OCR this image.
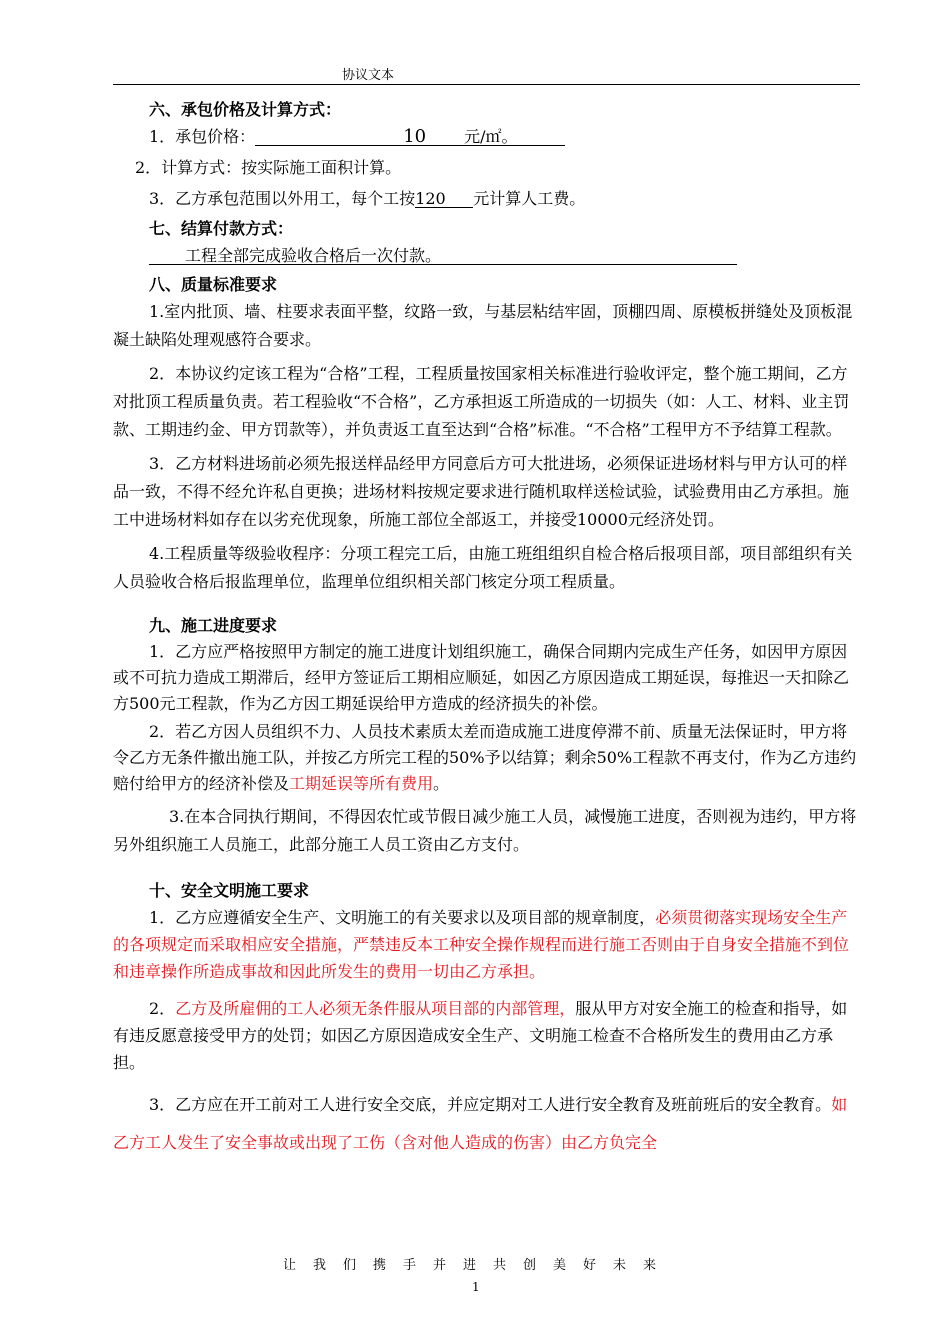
协议文本

六、承包价格及计算方式：

1．承包价格：	10 元/㎡。

2．计算方式：按实际施工面积计算。

3．乙方承包范围以外用工，每个工按120 元计算人工费。

七、结算付款方式：

工程全部完成验收合格后一次付款。

八、质量标准要求

1.室内批顶、墙、柱要求表面平整，纹路一致，与基层粘结牢固，顶棚四周、原模板拼缝处及顶板混凝土缺陷处理观感符合要求。

2．本协议约定该工程为“合格”工程，工程质量按国家相关标准进行验收评定，整个施工期间，乙方对批顶工程质量负责。若工程验收“不合格”，乙方承担返工所造成的一切损失（如：人工、材料、业主罚款、工期违约金、甲方罚款等），并负责返工直至达到“合格”标准。“不合格”工程甲方不予结算工程款。

3．乙方材料进场前必须先报送样品经甲方同意后方可大批进场，必须保证进场材料与甲方认可的样品一致，不得不经允许私自更换；进场材料按规定要求进行随机取样送检试验，试验费用由乙方承担。施工中进场材料如存在以劣充优现象，所施工部位全部返工，并接受10000元经济处罚。

4.工程质量等级验收程序：分项工程完工后，由施工班组组织自检合格后报项目部，项目部组织有关人员验收合格后报监理单位，监理单位组织相关部门核定分项工程质量。

九、施工进度要求

1．乙方应严格按照甲方制定的施工进度计划组织施工，确保合同期内完成生产任务，如因甲方原因或不可抗力造成工期滞后，经甲方签证后工期相应顺延，如因乙方原因造成工期延误，每推迟一天扣除乙方500元工程款，作为乙方因工期延误给甲方造成的经济损失的补偿。

2．若乙方因人员组织不力、人员技术素质太差而造成施工进度停滞不前、质量无法保证时，甲方将令乙方无条件撤出施工队，并按乙方所完工程的50%予以结算；剩余50%工程款不再支付，作为乙方违约赔付给甲方的经济补偿及工期延误等所有费用。

3.在本合同执行期间，不得因农忙或节假日减少施工人员，减慢施工进度，否则视为违约，甲方将另外组织施工人员施工，此部分施工人员工资由乙方支付。

十、安全文明施工要求

1．乙方应遵循安全生产、文明施工的有关要求以及项目部的规章制度，必须贯彻落实现场安全生产的各项规定而采取相应安全措施，严禁违反本工种安全操作规程而进行施工否则由于自身安全措施不到位和违章操作所造成事故和因此所发生的费用一切由乙方承担。

2．乙方及所雇佣的工人必须无条件服从项目部的内部管理，服从甲方对安全施工的检查和指导，如有违反愿意接受甲方的处罚；如因乙方原因造成安全生产、文明施工检查不合格所发生的费用由乙方承担。

3．乙方应在开工前对工人进行安全交底，并应定期对工人进行安全教育及班前班后的安全教育。如乙方工人发生了安全事故或出现了工伤（含对他人造成的伤害）由乙方负完全

让我们携手并进共创美好未来
1
